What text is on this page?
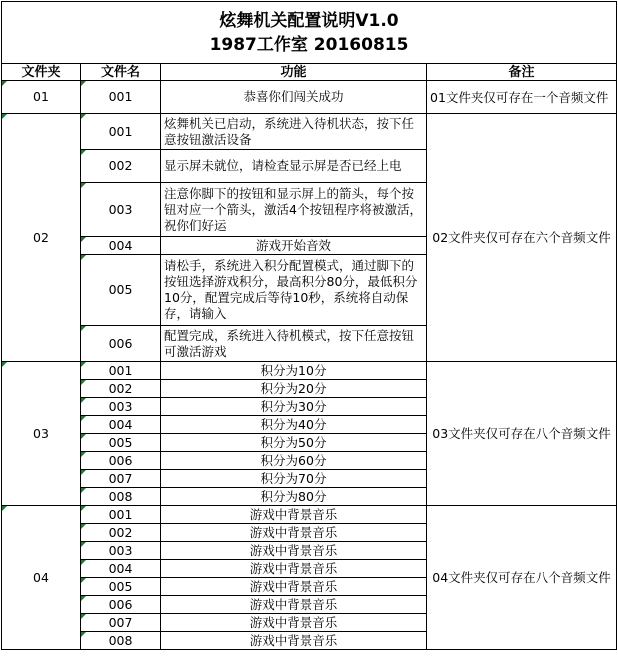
炫舞机关配置说明V1.0
1987工作室 20160815			

文件夹	文件名	功能	备注
01	001	恭喜你们闯关成功	01文件夹仅可存在一个音频文件
02	001	炫舞机关已启动，系统进入待机状态，按下任意按钮激活设备	02文件夹仅可存在六个音频文件
	002	显示屏未就位，请检查显示屏是否已经上电	
	003	注意你脚下的按钮和显示屏上的箭头，每个按钮对应一个箭头，激活4个按钮程序将被激活，祝你们好运	
	004	游戏开始音效	
	005	请松手，系统进入积分配置模式，通过脚下的按钮选择游戏积分，最高积分80分，最低积分10分，配置完成后等待10秒，系统将自动保存，请输入	
	006	配置完成，系统进入待机模式，按下任意按钮可激活游戏	
03	001	积分为10分	03文件夹仅可存在八个音频文件
	002	积分为20分	
	003	积分为30分	
	004	积分为40分	
	005	积分为50分	
	006	积分为60分	
	007	积分为70分	
	008	积分为80分	
04	001	游戏中背景音乐	04文件夹仅可存在八个音频文件
	002	游戏中背景音乐	
	003	游戏中背景音乐	
	004	游戏中背景音乐	
	005	游戏中背景音乐	
	006	游戏中背景音乐	
	007	游戏中背景音乐	
	008	游戏中背景音乐	
